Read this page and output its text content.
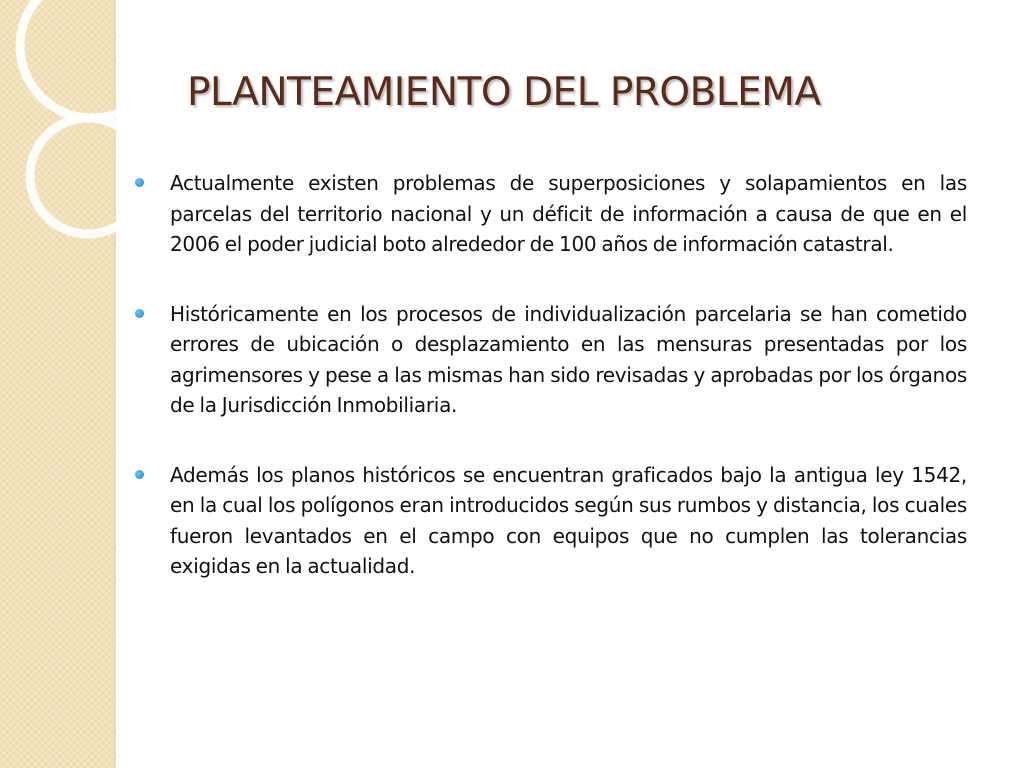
PLANTEAMIENTO DEL PROBLEMA
Actualmente existen problemas de superposiciones y solapamientos en las parcelas del territorio nacional y un déficit de información a causa de que en el 2006 el poder judicial boto alrededor de 100 años de información catastral.
Históricamente en los procesos de individualización parcelaria se han cometido errores de ubicación o desplazamiento en las mensuras presentadas por los agrimensores y pese a las mismas han sido revisadas y aprobadas por los órganos de la Jurisdicción Inmobiliaria.
Además los planos históricos se encuentran graficados bajo la antigua ley 1542, en la cual los polígonos eran introducidos según sus rumbos y distancia, los cuales fueron levantados en el campo con equipos que no cumplen las tolerancias exigidas en la actualidad.
